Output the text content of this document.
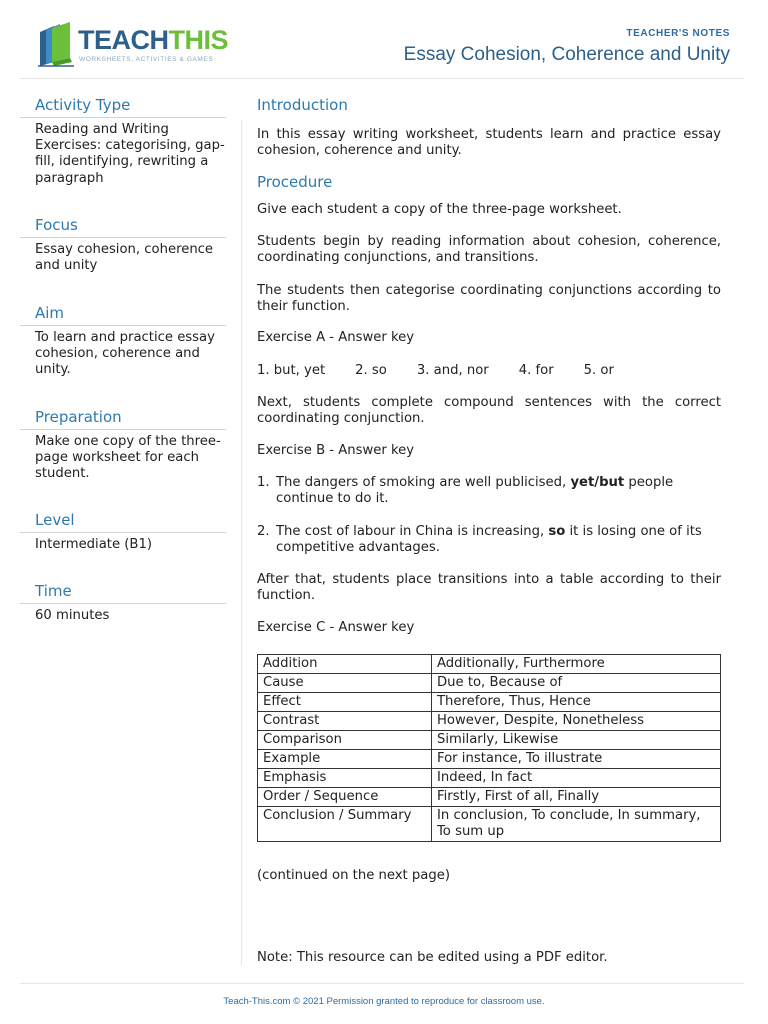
TEACHTHIS
WORKSHEETS, ACTIVITIES & GAMES
TEACHER'S NOTES
Essay Cohesion, Coherence and Unity
Activity Type
Reading and Writing Exercises: categorising, gap-fill, identifying, rewriting a paragraph
Focus
Essay cohesion, coherence and unity
Aim
To learn and practice essay cohesion, coherence and unity.
Preparation
Make one copy of the three-page worksheet for each student.
Level
Intermediate (B1)
Time
60 minutes
Introduction
In this essay writing worksheet, students learn and practice essay cohesion, coherence and unity.
Procedure
Give each student a copy of the three-page worksheet.
Students begin by reading information about cohesion, coherence, coordinating conjunctions, and transitions.
The students then categorise coordinating conjunctions according to their function.
Exercise A - Answer key
1. but, yet 2. so 3. and, nor 4. for 5. or
Next, students complete compound sentences with the correct coordinating conjunction.
Exercise B - Answer key
1. The dangers of smoking are well publicised, yet/but people continue to do it.
2. The cost of labour in China is increasing, so it is losing one of its competitive advantages.
After that, students place transitions into a table according to their function.
Exercise C - Answer key
(continued on the next page)
Note: This resource can be edited using a PDF editor.
Addition	Additionally, Furthermore
Cause	Due to, Because of
Effect	Therefore, Thus, Hence
Contrast	However, Despite, Nonetheless
Comparison	Similarly, Likewise
Example	For instance, To illustrate
Emphasis	Indeed, In fact
Order / Sequence	Firstly, First of all, Finally
Conclusion / Summary	In conclusion, To conclude, In summary, To sum up
Teach-This.com © 2021 Permission granted to reproduce for classroom use.
